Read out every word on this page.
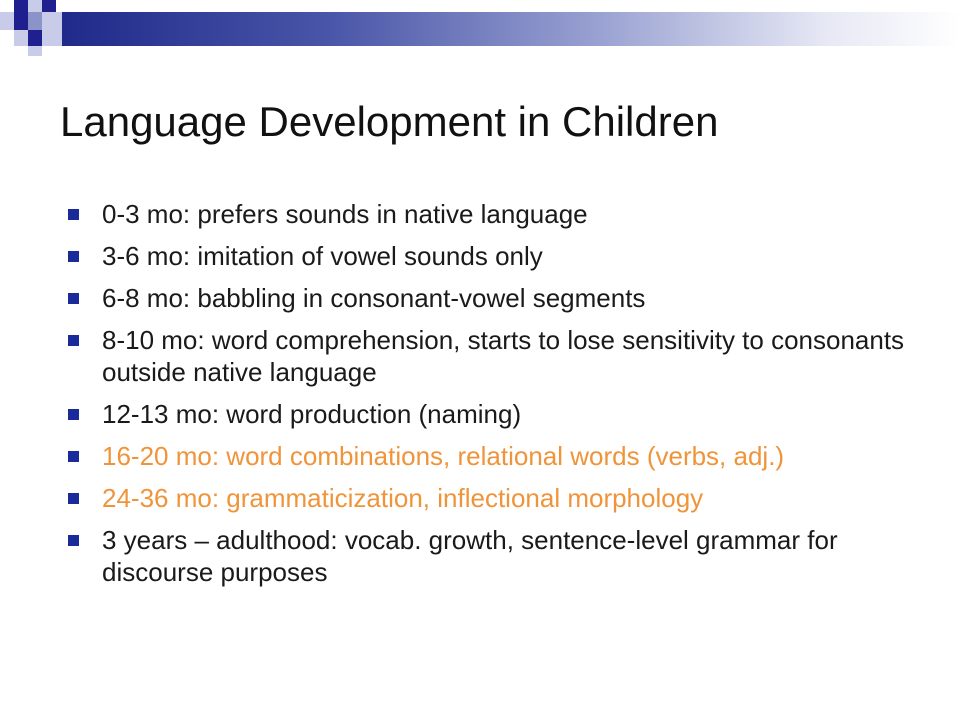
Language Development in Children
0-3 mo: prefers sounds in native language
3-6 mo: imitation of vowel sounds only
6-8 mo: babbling in consonant-vowel segments
8-10 mo: word comprehension, starts to lose sensitivity to consonants outside native language
12-13 mo: word production (naming)
16-20 mo: word combinations, relational words (verbs, adj.)
24-36 mo: grammaticization, inflectional morphology
3 years – adulthood: vocab. growth, sentence-level grammar for discourse purposes
